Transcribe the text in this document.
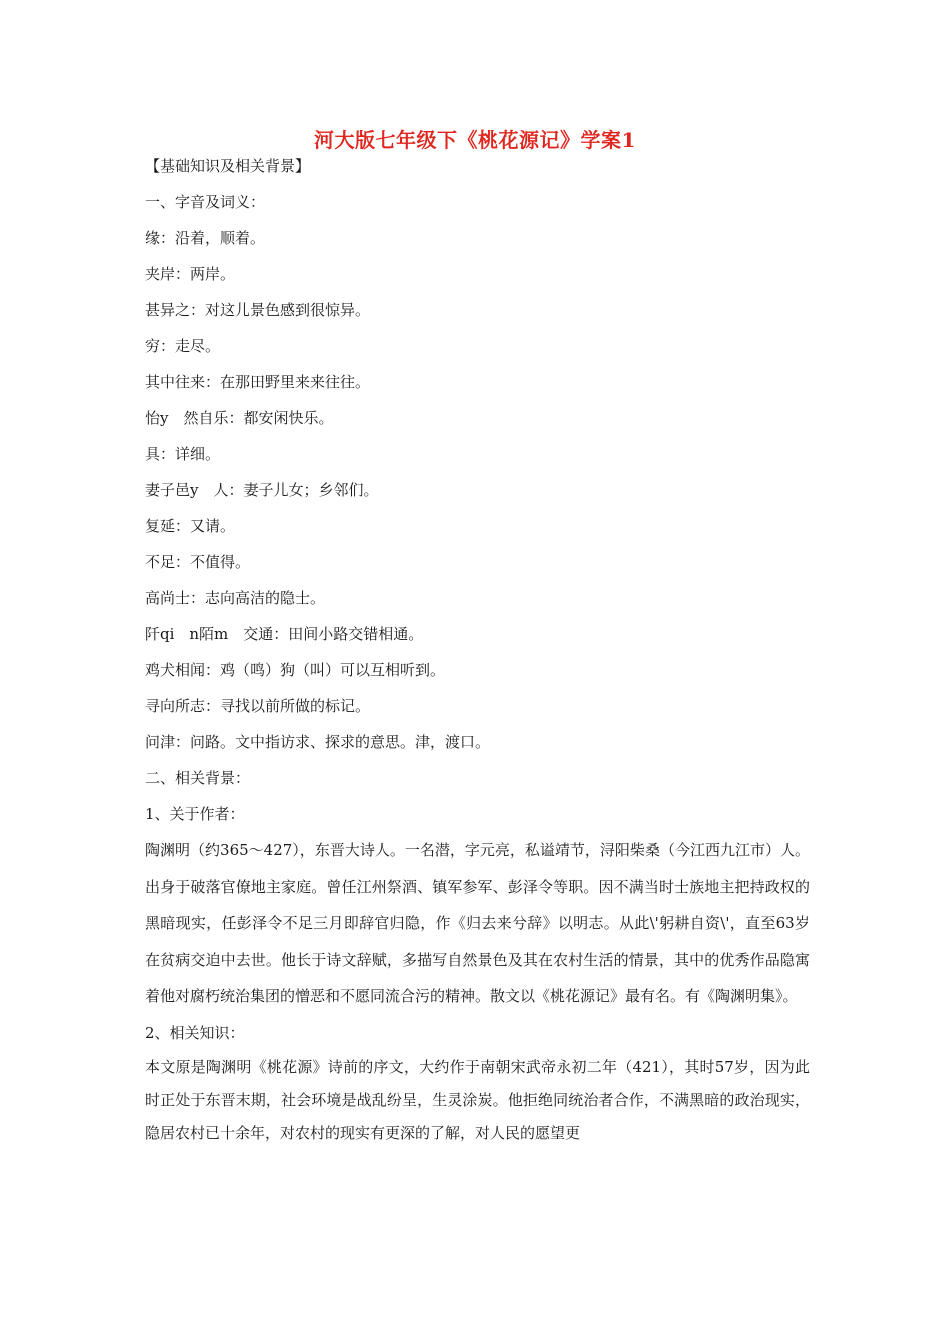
河大版七年级下《桃花源记》学案1

【基础知识及相关背景】

一、字音及词义：

缘：沿着，顺着。

夹岸：两岸。

甚异之：对这儿景色感到很惊异。

穷：走尽。

其中往来：在那田野里来来往往。

怡y　然自乐：都安闲快乐。

具：详细。

妻子邑y　人：妻子儿女；乡邻们。

复延：又请。

不足：不值得。

高尚士：志向高洁的隐士。

阡qi　n陌m　交通：田间小路交错相通。

鸡犬相闻：鸡（鸣）狗（叫）可以互相听到。

寻向所志：寻找以前所做的标记。

问津：问路。文中指访求、探求的意思。津，渡口。

二、相关背景：

1、关于作者：

陶渊明（约365～427），东晋大诗人。一名潜，字元亮，私谥靖节，浔阳柴桑（今江西九江市）人。出身于破落官僚地主家庭。曾任江州祭酒、镇军参军、彭泽令等职。因不满当时士族地主把持政权的黑暗现实，任彭泽令不足三月即辞官归隐，作《归去来兮辞》以明志。从此\'躬耕自资\'，直至63岁在贫病交迫中去世。他长于诗文辞赋，多描写自然景色及其在农村生活的情景，其中的优秀作品隐寓着他对腐朽统治集团的憎恶和不愿同流合污的精神。散文以《桃花源记》最有名。有《陶渊明集》。

2、相关知识：

本文原是陶渊明《桃花源》诗前的序文，大约作于南朝宋武帝永初二年（421），其时57岁，因为此时正处于东晋末期，社会环境是战乱纷呈，生灵涂炭。他拒绝同统治者合作，不满黑暗的政治现实，隐居农村已十余年，对农村的现实有更深的了解，对人民的愿望更
